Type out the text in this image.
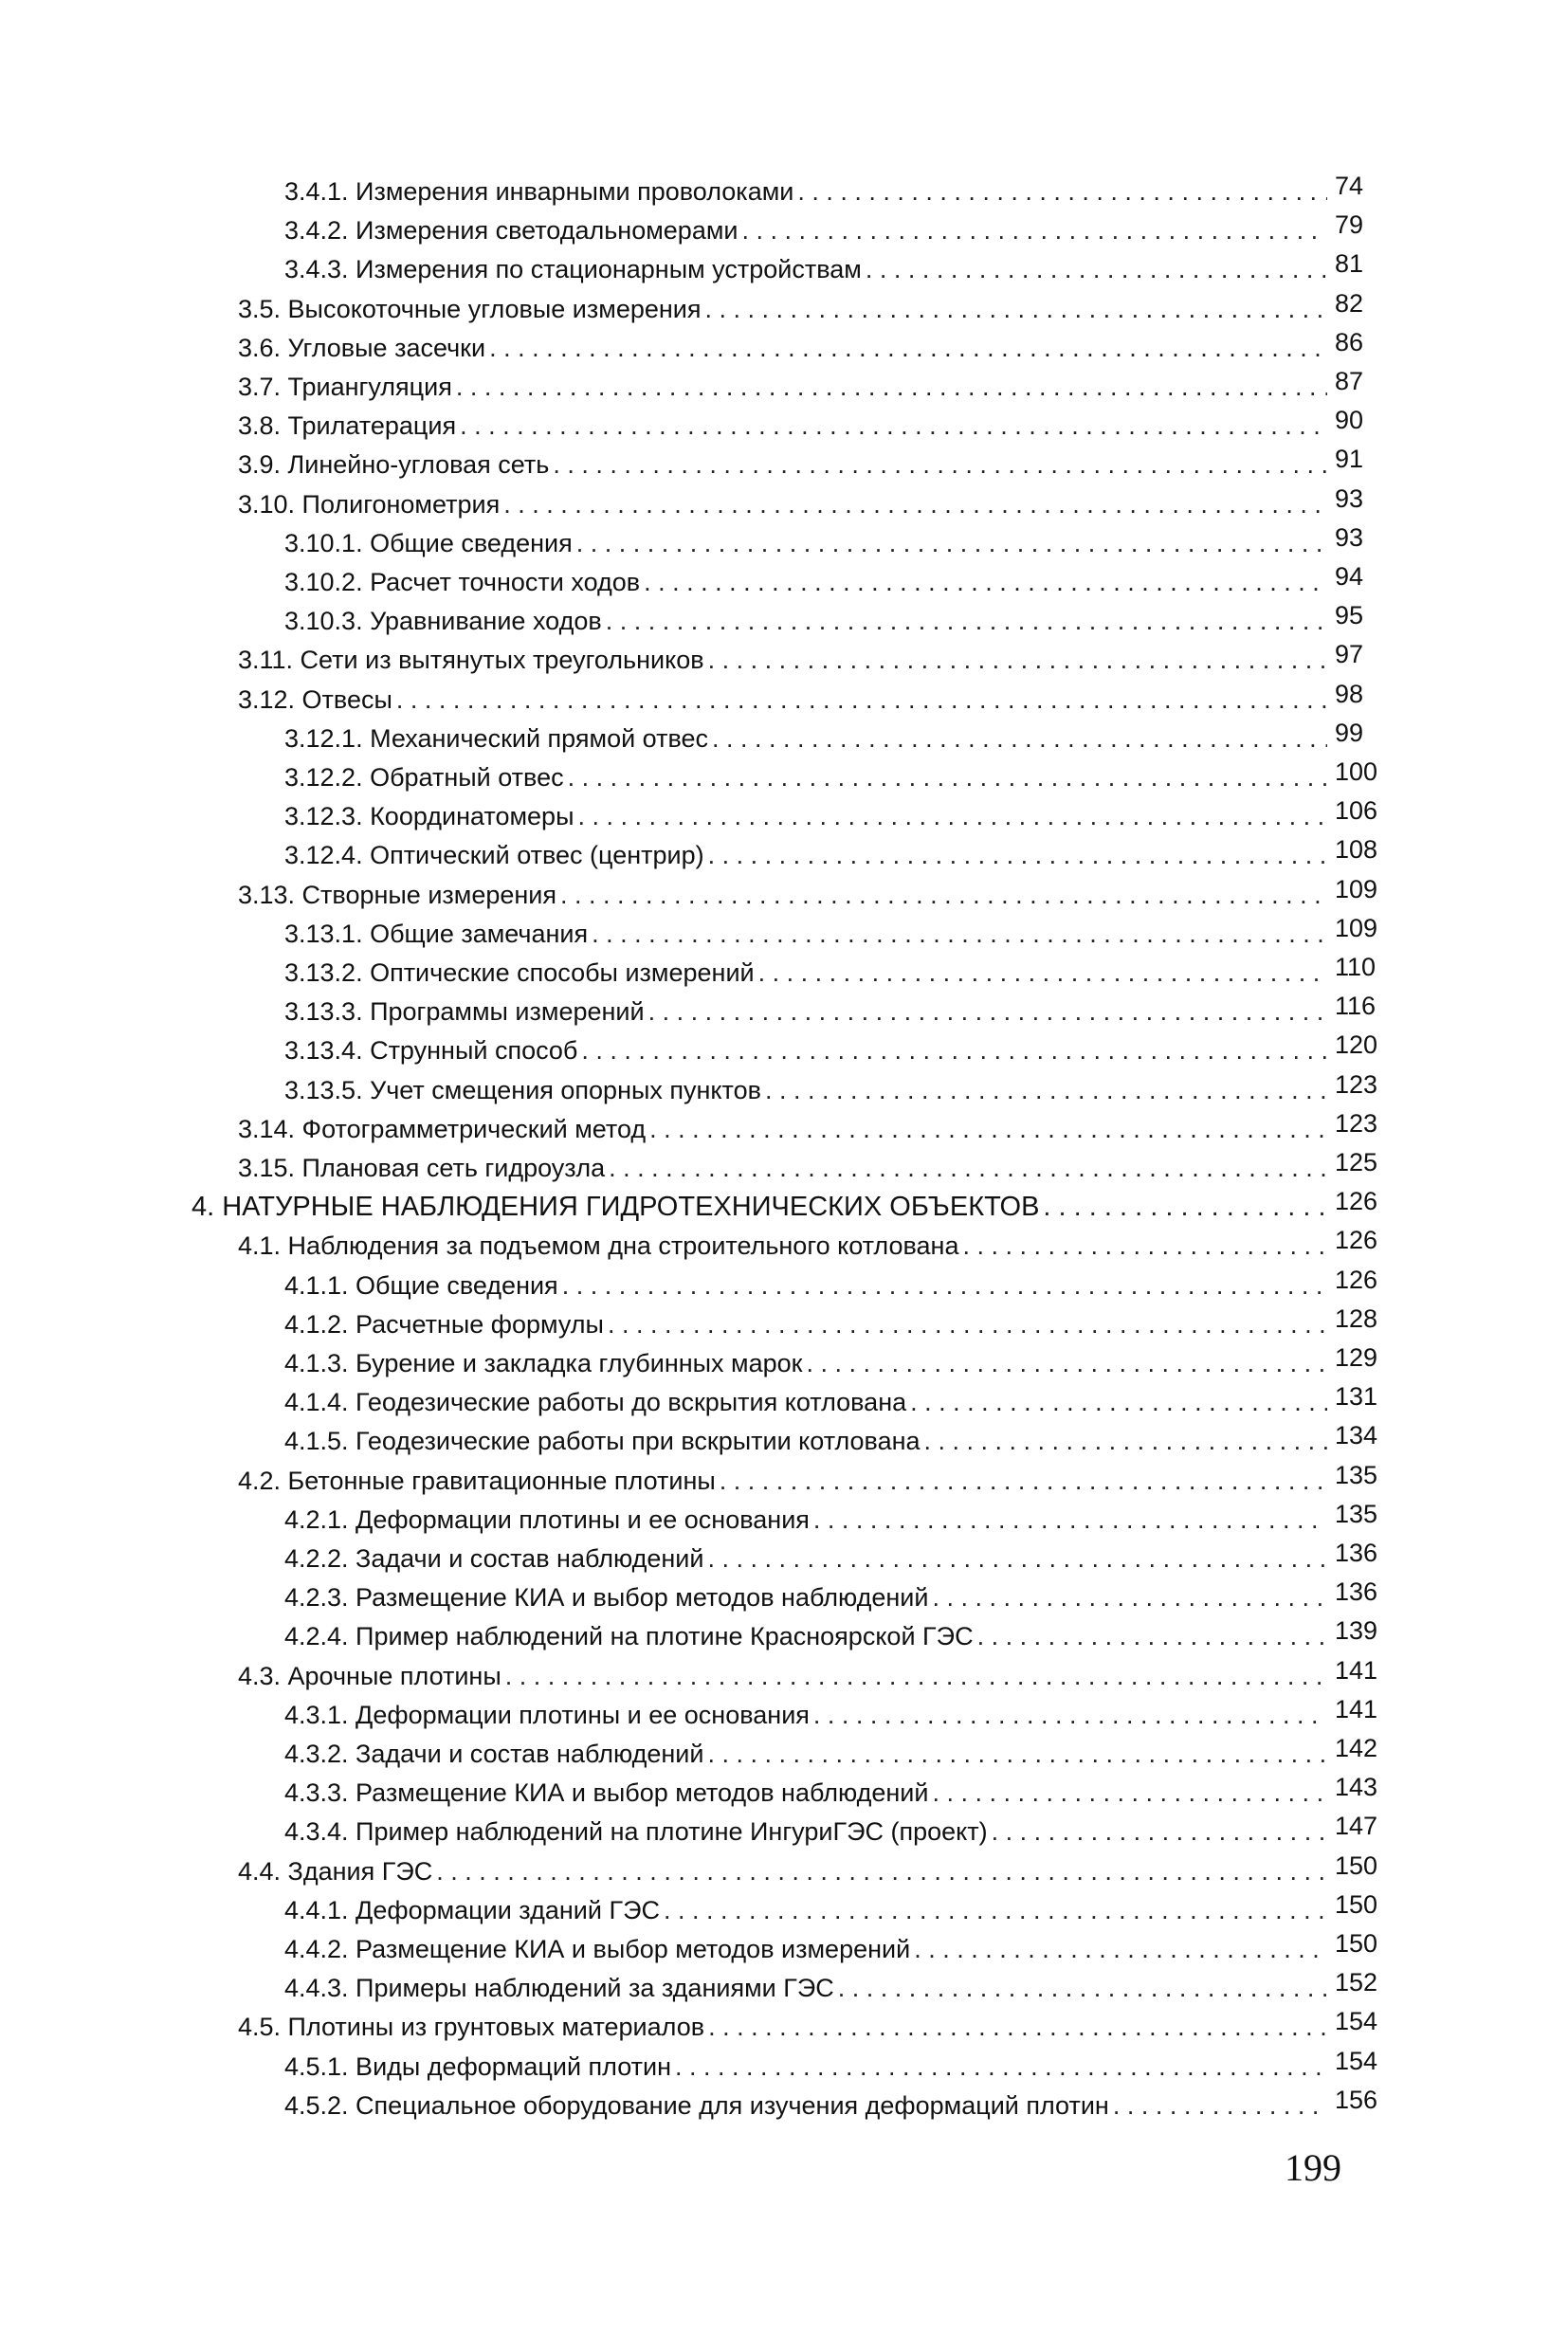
3.4.1. Измерения инварными проволоками . . .	74
3.4.2. Измерения светодальномерами . . .	79
3.4.3. Измерения по стационарным устройствам . . .	81
3.5. Высокоточные угловые измерения . . .	82
3.6. Угловые засечки . . .	86
3.7. Триангуляция . . .	87
3.8. Трилатерация . . .	90
3.9. Линейно-угловая сеть . . .	91
3.10. Полигонометрия . . .	93
3.10.1. Общие сведения . . .	93
3.10.2. Расчет точности ходов . . .	94
3.10.3. Уравнивание ходов . . .	95
3.11. Сети из вытянутых треугольников . . .	97
3.12. Отвесы . . .	98
3.12.1. Механический прямой отвес . . .	99
3.12.2. Обратный отвес . . .	100
3.12.3. Координатомеры . . .	106
3.12.4. Оптический отвес (центрир) . . .	108
3.13. Створные измерения . . .	109
3.13.1. Общие замечания . . .	109
3.13.2. Оптические способы измерений . . .	110
3.13.3. Программы измерений . . .	116
3.13.4. Струнный способ . . .	120
3.13.5. Учет смещения опорных пунктов . . .	123
3.14. Фотограмметрический метод . . .	123
3.15. Плановая сеть гидроузла . . .	125
4. НАТУРНЫЕ НАБЛЮДЕНИЯ ГИДРОТЕХНИЧЕСКИХ ОБЪЕКТОВ . . .	126
4.1. Наблюдения за подъемом дна строительного котлована . . .	126
4.1.1. Общие сведения . . .	126
4.1.2. Расчетные формулы . . .	128
4.1.3. Бурение и закладка глубинных марок . . .	129
4.1.4. Геодезические работы до вскрытия котлована . . .	131
4.1.5. Геодезические работы при вскрытии котлована . . .	134
4.2. Бетонные гравитационные плотины . . .	135
4.2.1. Деформации плотины и ее основания . . .	135
4.2.2. Задачи и состав наблюдений . . .	136
4.2.3. Размещение КИА и выбор методов наблюдений . . .	136
4.2.4. Пример наблюдений на плотине Красноярской ГЭС . . .	139
4.3. Арочные плотины . . .	141
4.3.1. Деформации плотины и ее основания . . .	141
4.3.2. Задачи и состав наблюдений . . .	142
4.3.3. Размещение КИА и выбор методов наблюдений . . .	143
4.3.4. Пример наблюдений на плотине ИнгуриГЭС (проект) . . .	147
4.4. Здания ГЭС . . .	150
4.4.1. Деформации зданий ГЭС . . .	150
4.4.2. Размещение КИА и выбор методов измерений . . .	150
4.4.3. Примеры наблюдений за зданиями ГЭС . . .	152
4.5. Плотины из грунтовых материалов . . .	154
4.5.1. Виды деформаций плотин . . .	154
4.5.2. Специальное оборудование для изучения деформаций плотин . . .	156
199
